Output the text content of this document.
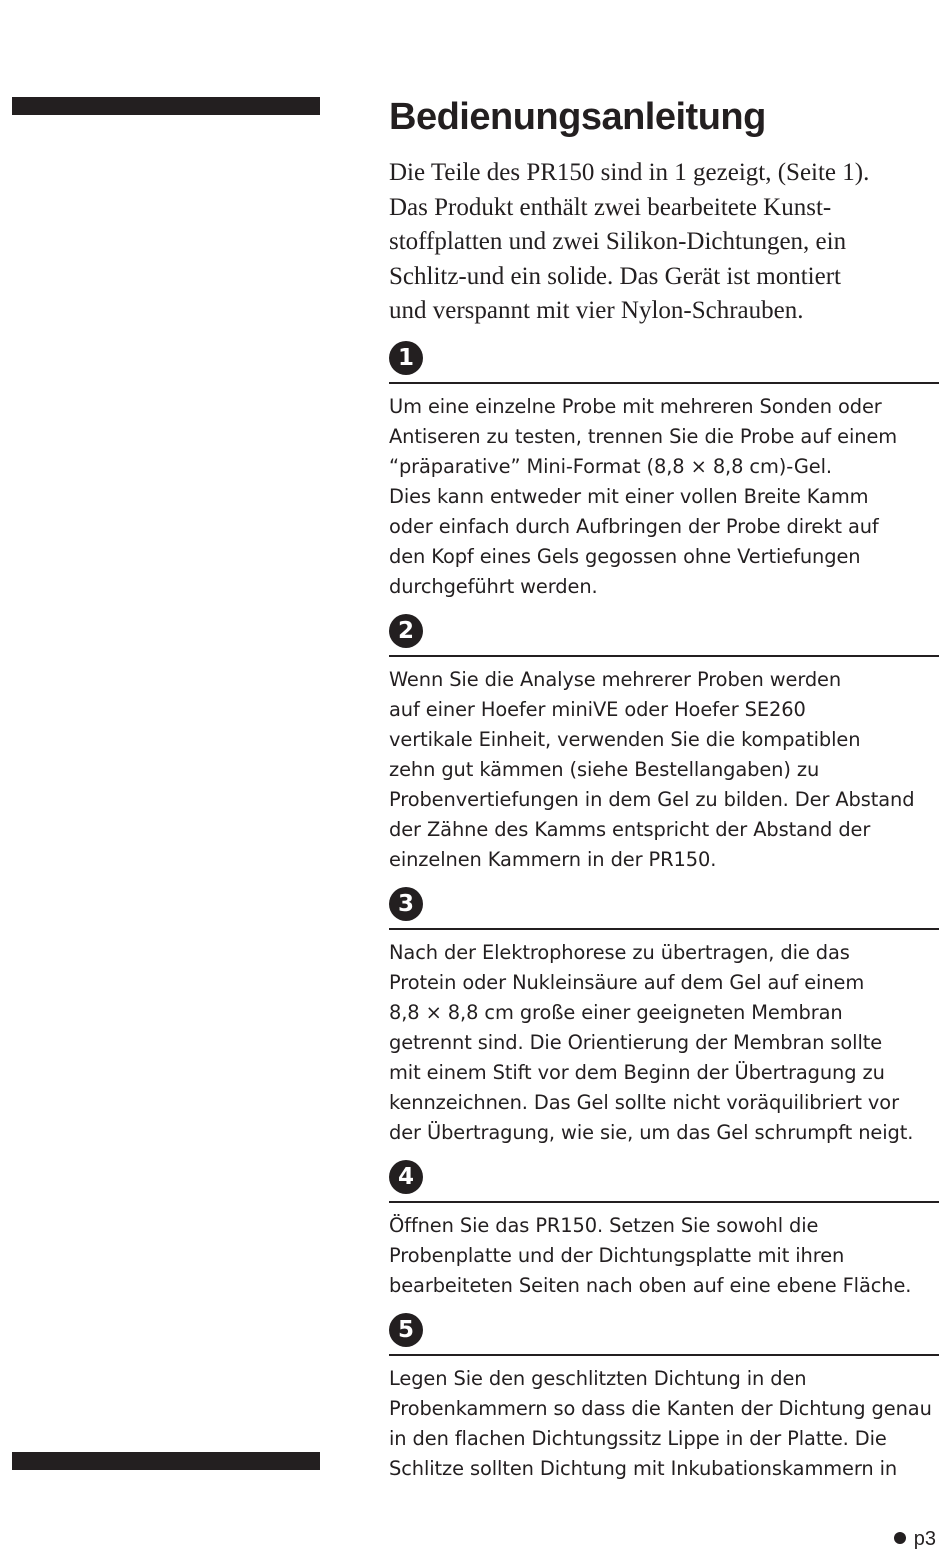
Bedienungsanleitung

Die Teile des PR150 sind in 1 gezeigt, (Seite 1).
Das Produkt enthält zwei bearbeitete Kunst-
stoffplatten und zwei Silikon-Dichtungen, ein
Schlitz-und ein solide. Das Gerät ist montiert
und verspannt mit vier Nylon-Schrauben.

1

Um eine einzelne Probe mit mehreren Sonden oder
Antiseren zu testen, trennen Sie die Probe auf einem
“präparative” Mini-Format (8,8 × 8,8 cm)-Gel.
Dies kann entweder mit einer vollen Breite Kamm
oder einfach durch Aufbringen der Probe direkt auf
den Kopf eines Gels gegossen ohne Vertiefungen
durchgeführt werden.

2

Wenn Sie die Analyse mehrerer Proben werden
auf einer Hoefer miniVE oder Hoefer SE260
vertikale Einheit, verwenden Sie die kompatiblen
zehn gut kämmen (siehe Bestellangaben) zu
Probenvertiefungen in dem Gel zu bilden. Der Abstand
der Zähne des Kamms entspricht der Abstand der
einzelnen Kammern in der PR150.

3

Nach der Elektrophorese zu übertragen, die das
Protein oder Nukleinsäure auf dem Gel auf einem
8,8 × 8,8 cm große einer geeigneten Membran
getrennt sind. Die Orientierung der Membran sollte
mit einem Stift vor dem Beginn der Übertragung zu
kennzeichnen. Das Gel sollte nicht voräquilibriert vor
der Übertragung, wie sie, um das Gel schrumpft neigt.

4

Öffnen Sie das PR150. Setzen Sie sowohl die
Probenplatte und der Dichtungsplatte mit ihren
bearbeiteten Seiten nach oben auf eine ebene Fläche.

5

Legen Sie den geschlitzten Dichtung in den
Probenkammern so dass die Kanten der Dichtung genau
in den flachen Dichtungssitz Lippe in der Platte. Die
Schlitze sollten Dichtung mit Inkubationskammern in

p3
